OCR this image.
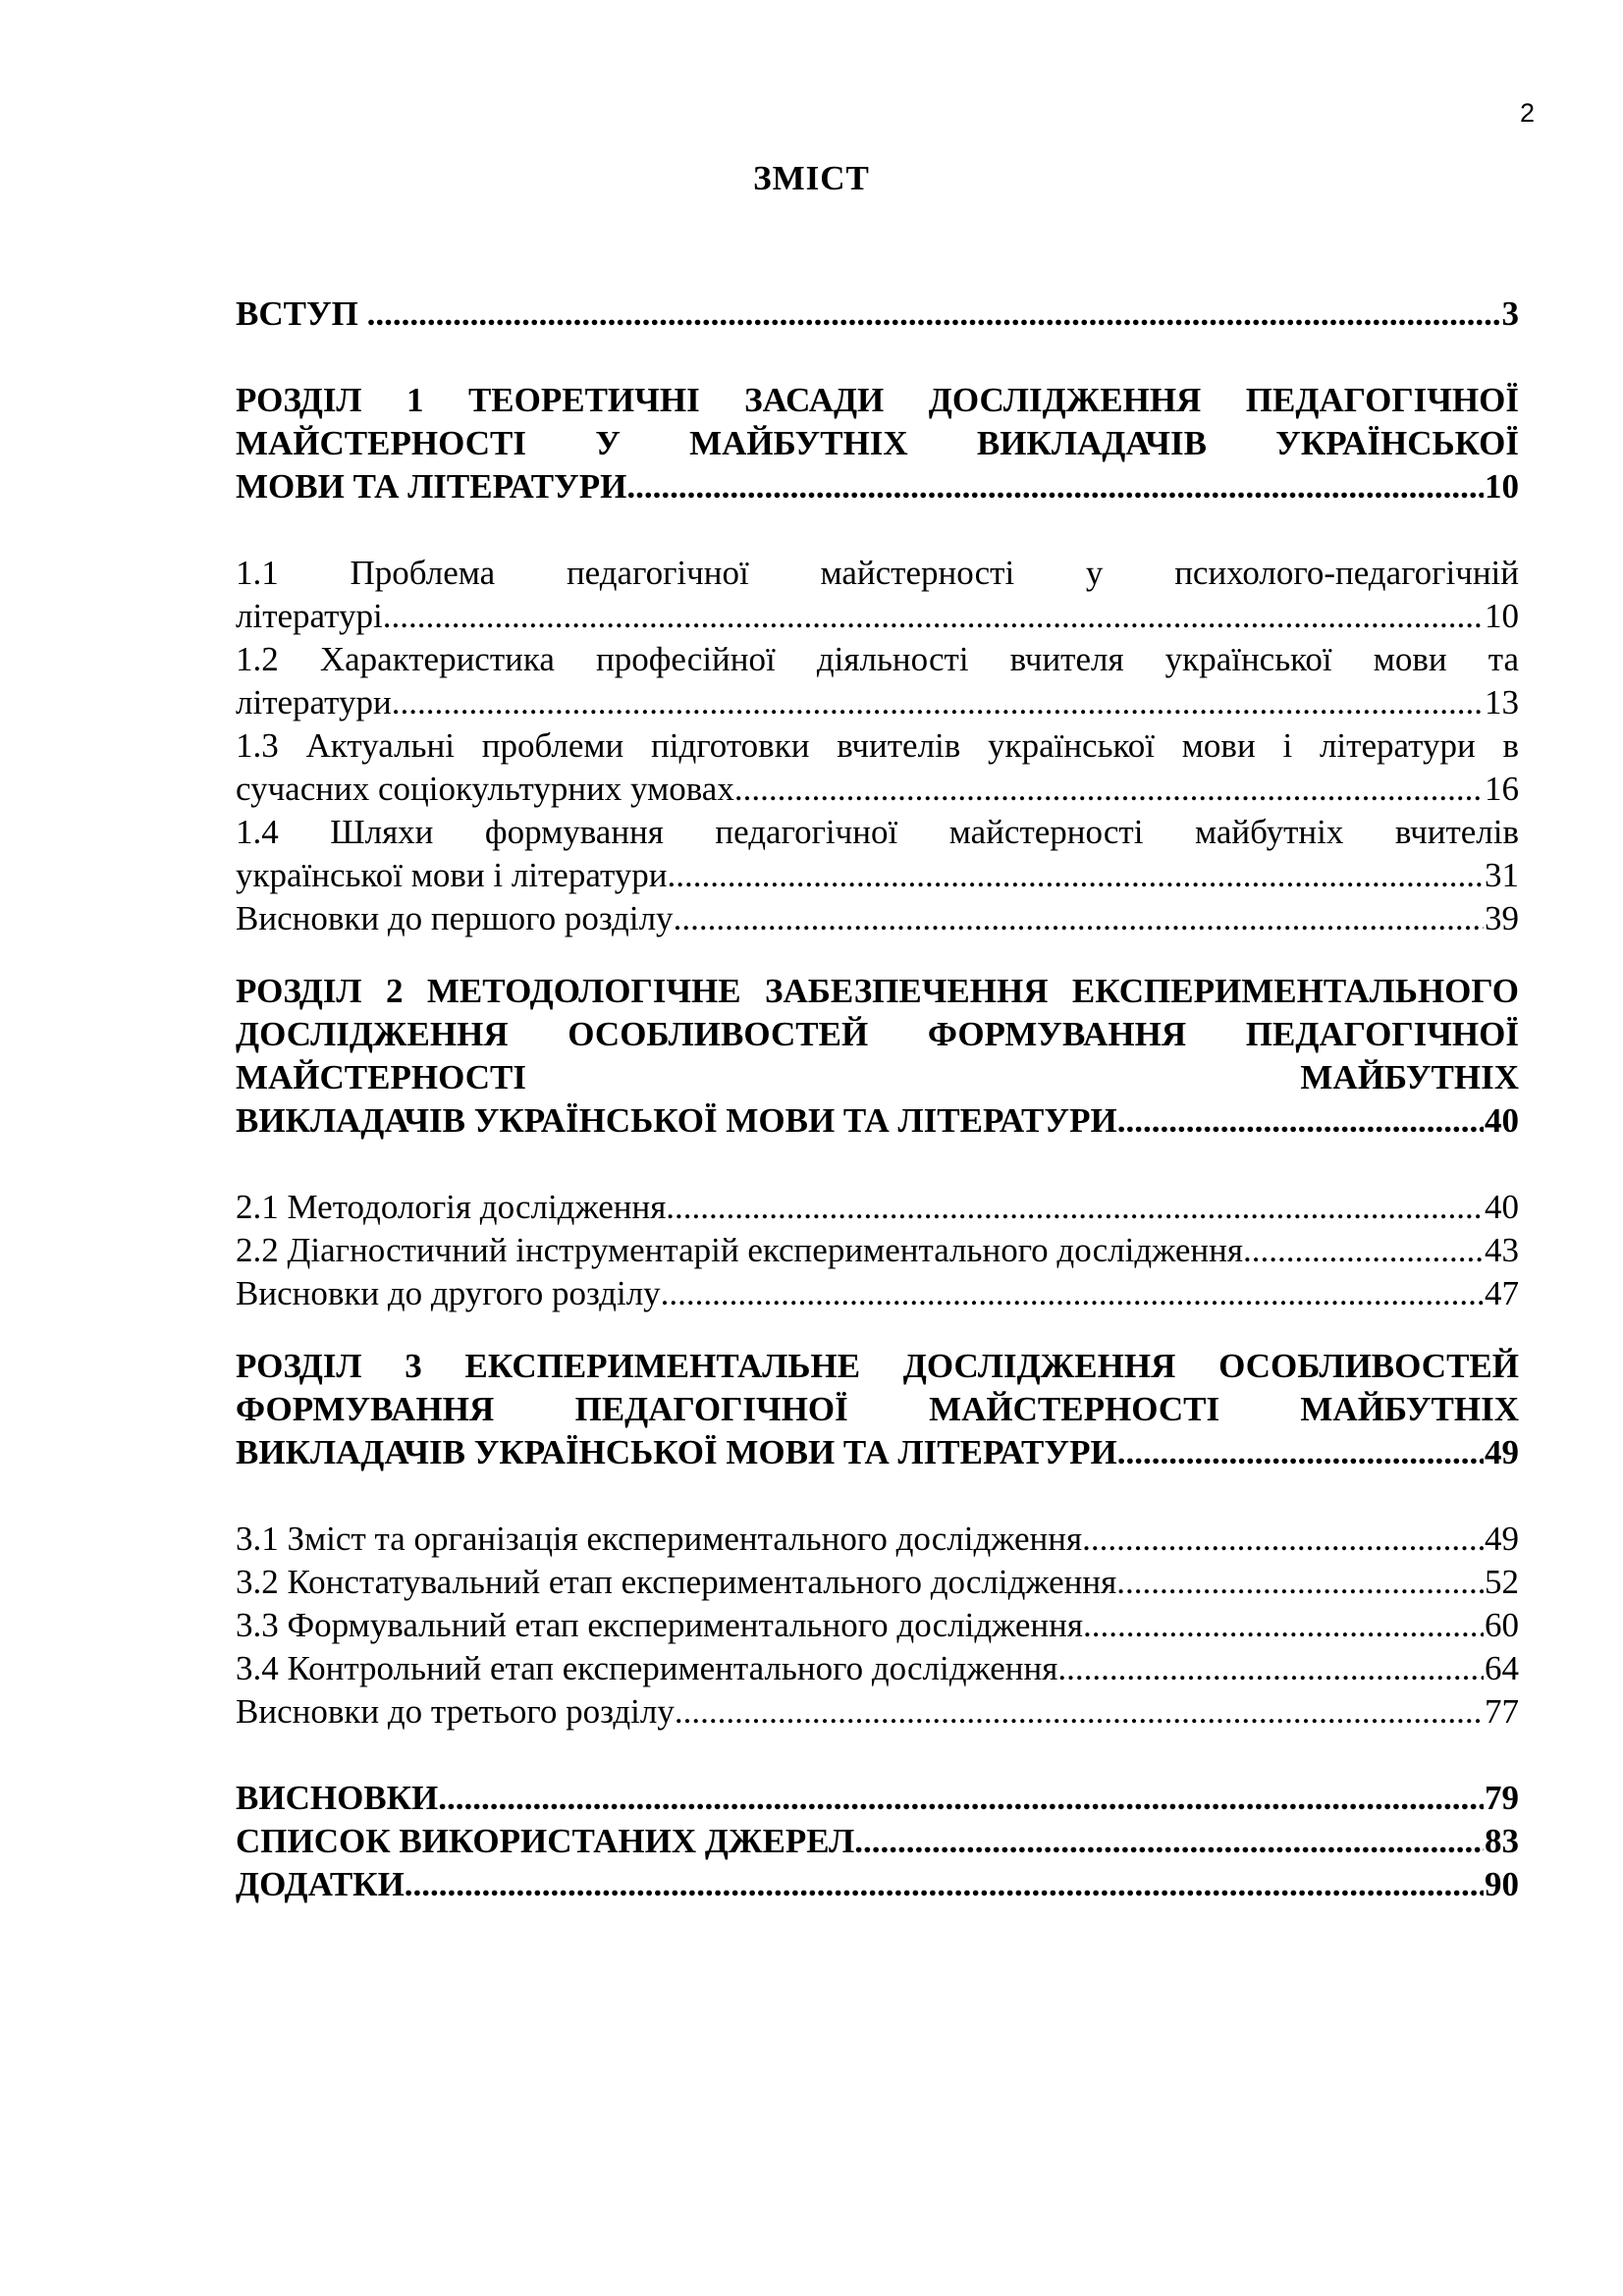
2
ЗМІСТ
ВСТУП
.....	3
РОЗДІЛ 1 ТЕОРЕТИЧНІ ЗАСАДИ ДОСЛІДЖЕННЯ ПЕДАГОГІЧНОЇ МАЙСТЕРНОСТІ У МАЙБУТНІХ ВИКЛАДАЧІВ УКРАЇНСЬКОЇ
МОВИ ТА ЛІТЕРАТУРИ .....	10
1.1 Проблема педагогічної майстерності у психолого-педагогічній
літературі .....	10
1.2 Характеристика професійної діяльності вчителя української мови та
літератури .....	13
1.3 Актуальні проблеми підготовки вчителів української мови і літератури в
сучасних соціокультурних умовах .....	16
1.4 Шляхи формування педагогічної майстерності майбутніх вчителів
української мови і літератури .....	31
Висновки до першого розділу .....	39
РОЗДІЛ 2 МЕТОДОЛОГІЧНЕ ЗАБЕЗПЕЧЕННЯ ЕКСПЕРИМЕНТАЛЬНОГО ДОСЛІДЖЕННЯ ОСОБЛИВОСТЕЙ ФОРМУВАННЯ ПЕДАГОГІЧНОЇ МАЙСТЕРНОСТІ МАЙБУТНІХ
ВИКЛАДАЧІВ УКРАЇНСЬКОЇ МОВИ ТА ЛІТЕРАТУРИ .....	40
2.1 Методологія дослідження .....	40
2.2 Діагностичний інструментарій експериментального дослідження .....	43
Висновки до другого розділу .....	47
РОЗДІЛ 3 ЕКСПЕРИМЕНТАЛЬНЕ ДОСЛІДЖЕННЯ ОСОБЛИВОСТЕЙ ФОРМУВАННЯ ПЕДАГОГІЧНОЇ МАЙСТЕРНОСТІ МАЙБУТНІХ
ВИКЛАДАЧІВ УКРАЇНСЬКОЇ МОВИ ТА ЛІТЕРАТУРИ .....	49
3.1 Зміст та організація експериментального дослідження .....	49
3.2 Констатувальний етап експериментального дослідження .....	52
3.3 Формувальний етап експериментального дослідження .....	60
3.4 Контрольний етап експериментального дослідження .....	64
Висновки до третього розділу .....	77
ВИСНОВКИ .....	79
СПИСОК ВИКОРИСТАНИХ ДЖЕРЕЛ .....	83
ДОДАТКИ .....	90
